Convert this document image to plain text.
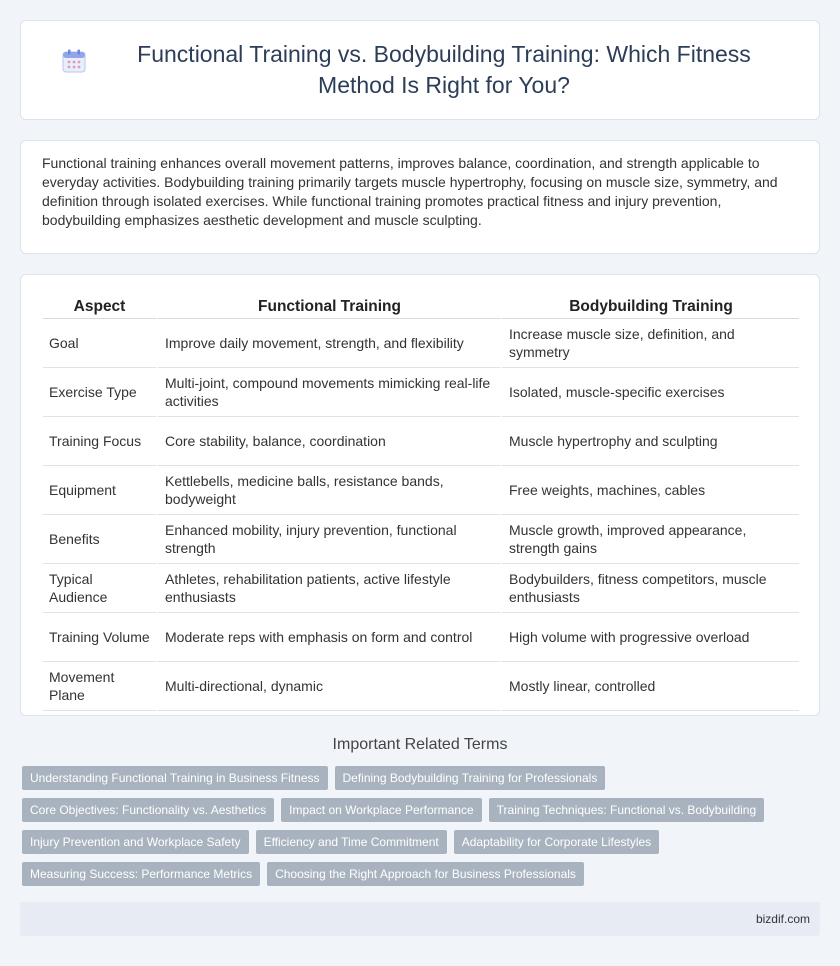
Functional Training vs. Bodybuilding Training: Which Fitness Method Is Right for You?

Functional training enhances overall movement patterns, improves balance, coordination, and strength applicable to everyday activities. Bodybuilding training primarily targets muscle hypertrophy, focusing on muscle size, symmetry, and definition through isolated exercises. While functional training promotes practical fitness and injury prevention, bodybuilding emphasizes aesthetic development and muscle sculpting.

Aspect	Functional Training	Bodybuilding Training
Goal	Improve daily movement, strength, and flexibility	Increase muscle size, definition, and symmetry
Exercise Type	Multi-joint, compound movements mimicking real-life activities	Isolated, muscle-specific exercises
Training Focus	Core stability, balance, coordination	Muscle hypertrophy and sculpting
Equipment	Kettlebells, medicine balls, resistance bands, bodyweight	Free weights, machines, cables
Benefits	Enhanced mobility, injury prevention, functional strength	Muscle growth, improved appearance, strength gains
Typical Audience	Athletes, rehabilitation patients, active lifestyle enthusiasts	Bodybuilders, fitness competitors, muscle enthusiasts
Training Volume	Moderate reps with emphasis on form and control	High volume with progressive overload
Movement Plane	Multi-directional, dynamic	Mostly linear, controlled
Important Related Terms
Understanding Functional Training in Business Fitness	Defining Bodybuilding Training for Professionals
Core Objectives: Functionality vs. Aesthetics	Impact on Workplace Performance	Training Techniques: Functional vs. Bodybuilding
Injury Prevention and Workplace Safety	Efficiency and Time Commitment	Adaptability for Corporate Lifestyles
Measuring Success: Performance Metrics	Choosing the Right Approach for Business Professionals
bizdif.com
